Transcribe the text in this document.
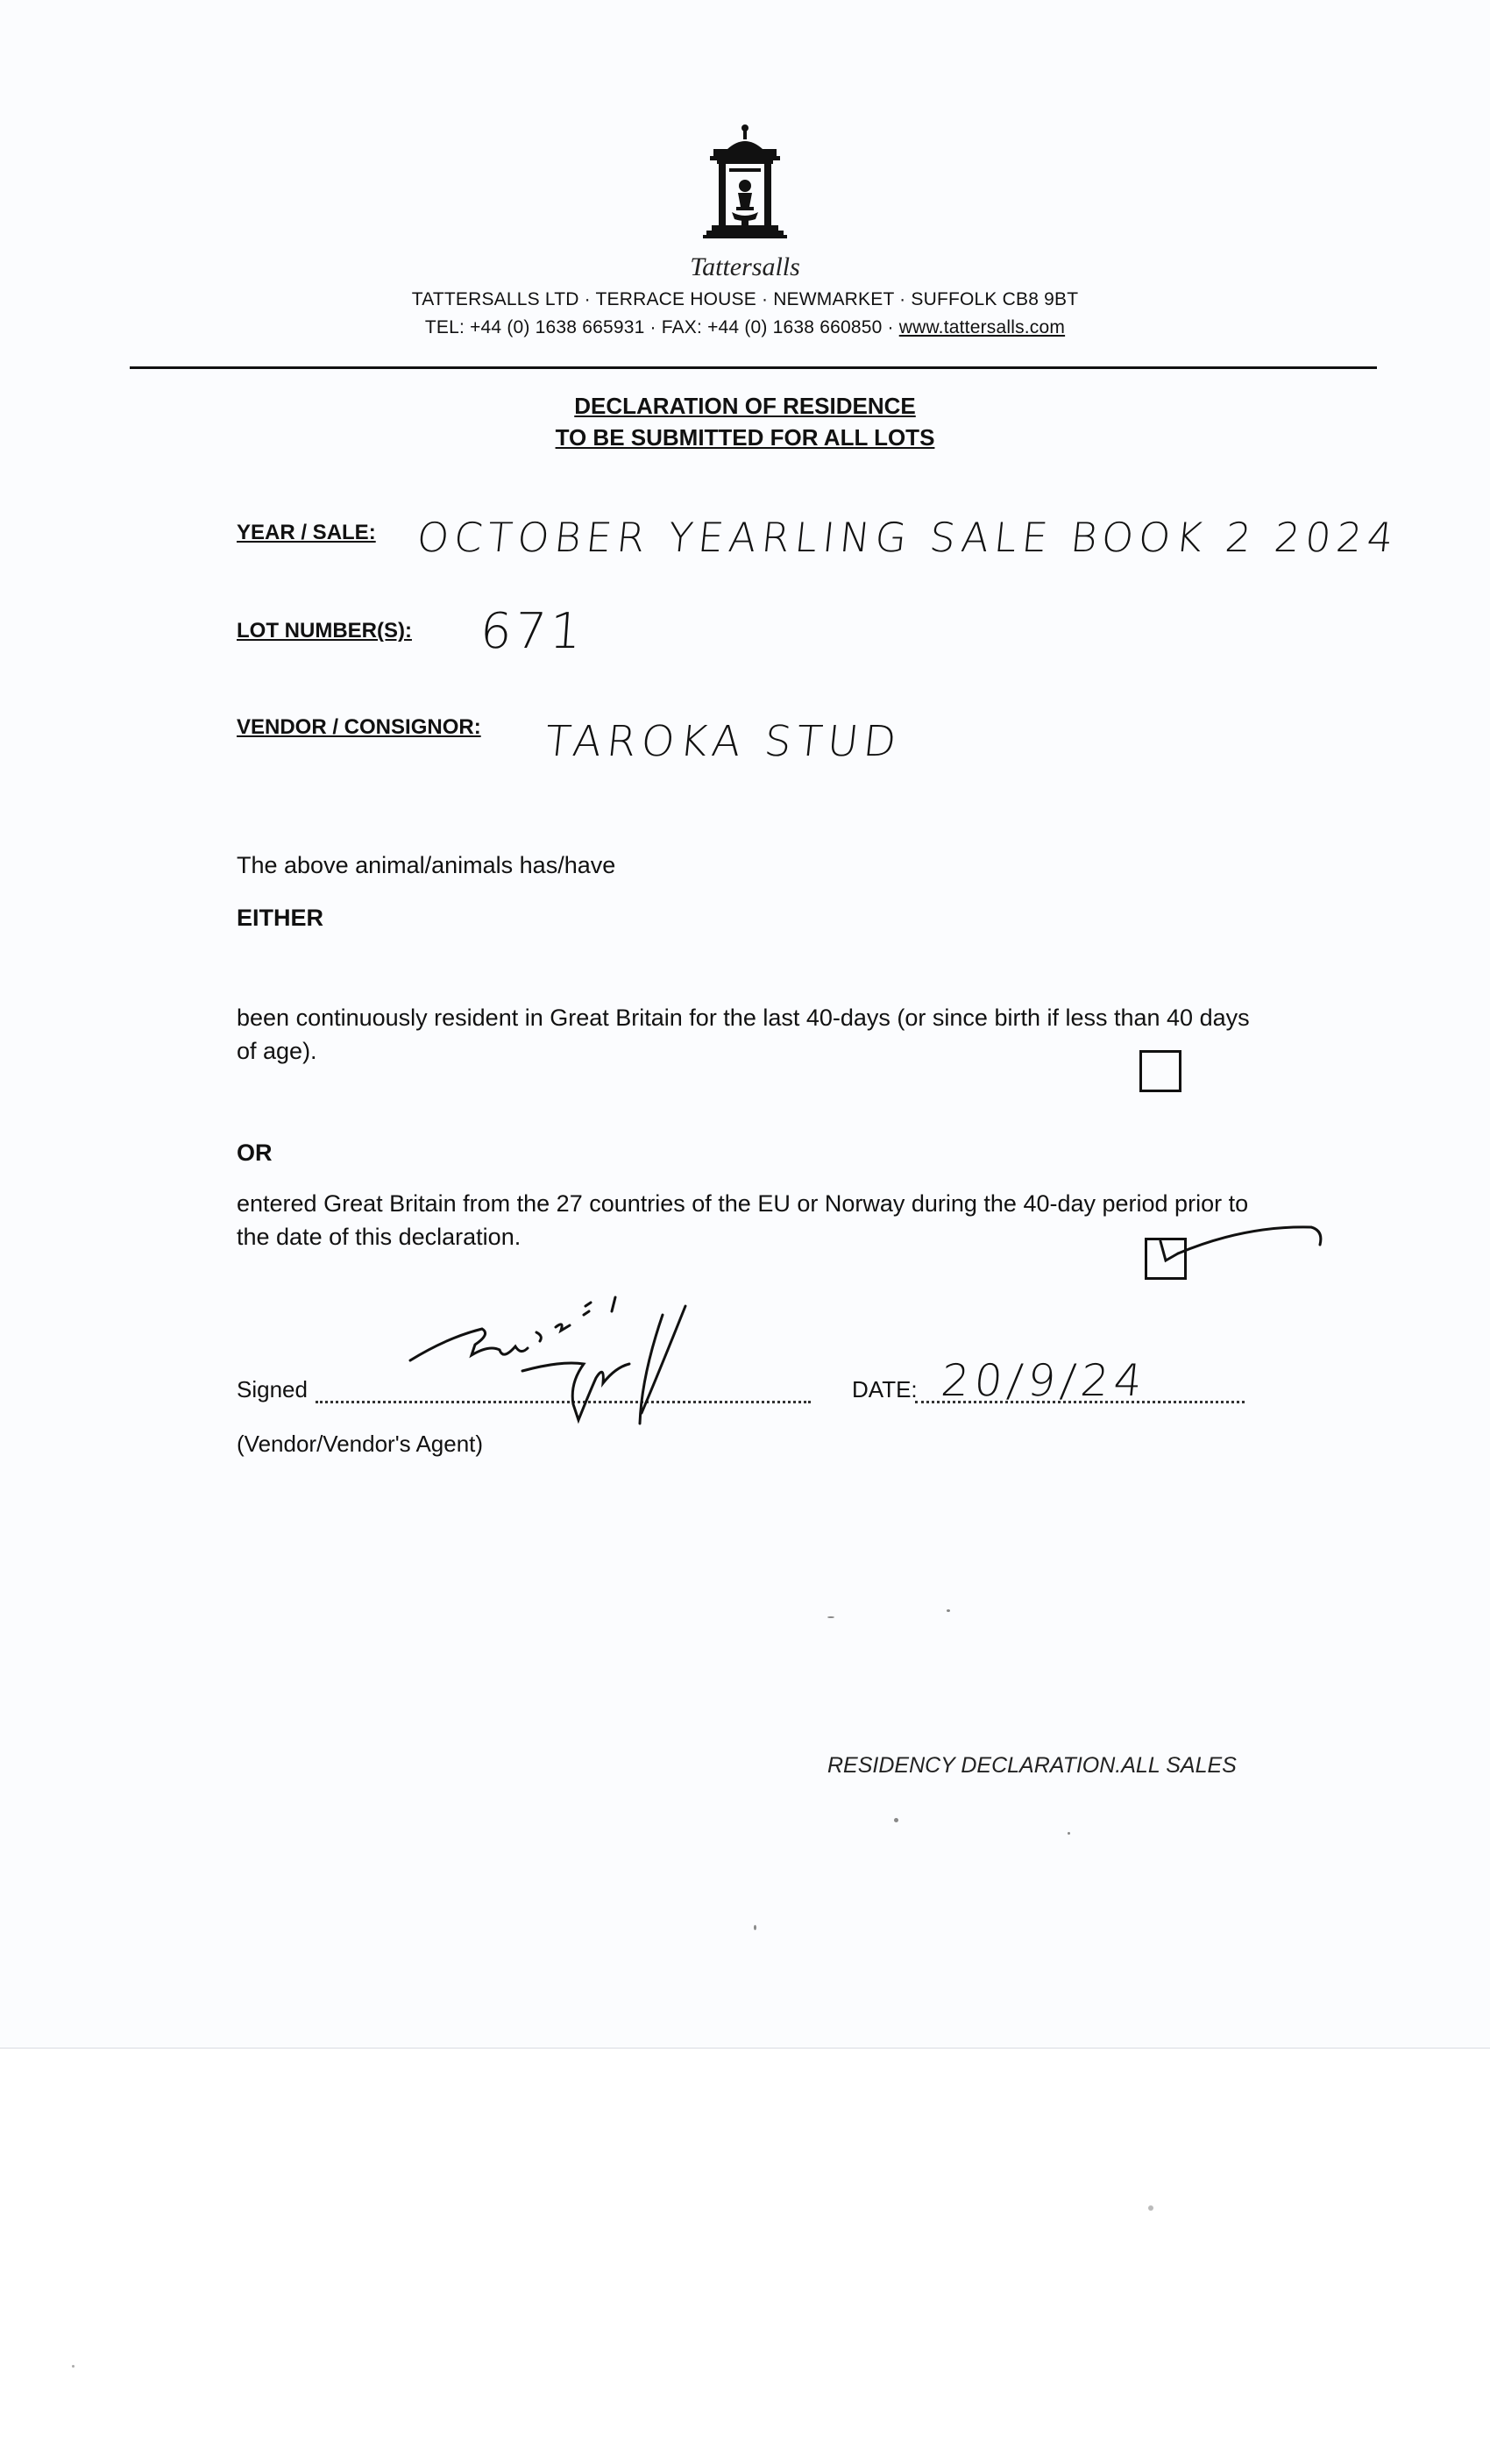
Tattersalls
TATTERSALLS LTD · TERRACE HOUSE · NEWMARKET · SUFFOLK CB8 9BT
TEL: +44 (0) 1638 665931 · FAX: +44 (0) 1638 660850 · www.tattersalls.com
DECLARATION OF RESIDENCE
TO BE SUBMITTED FOR ALL LOTS
YEAR / SALE: OCTOBER YEARLING SALE BOOK 2 2024
LOT NUMBER(S): 671
VENDOR / CONSIGNOR: TAROKA STUD
The above animal/animals has/have
EITHER
been continuously resident in Great Britain for the last 40-days (or since birth if less than 40 days of age).
OR
entered Great Britain from the 27 countries of the EU or Norway during the 40-day period prior to the date of this declaration.
Signed	DATE: 20/9/24
(Vendor/Vendor's Agent)
RESIDENCY DECLARATION.ALL SALES
